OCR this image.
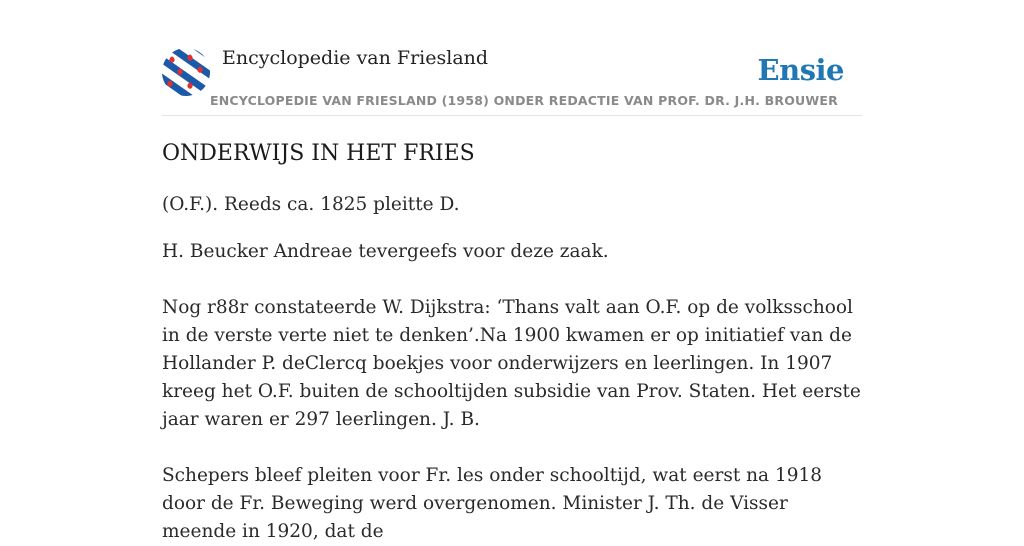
Encyclopedie van Friesland
ENCYCLOPEDIE VAN FRIESLAND (1958) ONDER REDACTIE VAN PROF. DR. J.H. BROUWER
Ensie
ONDERWIJS IN HET FRIES

(O.F.). Reeds ca. 1825 pleitte D.

H. Beucker Andreae tevergeefs voor deze zaak.

Nog r88r constateerde W. Dijkstra: ‘Thans valt aan O.F. op de volksschool in de verste verte niet te denken’.Na 1900 kwamen er op initiatief van de Hollander P. deClercq boekjes voor onderwijzers en leerlingen. In 1907 kreeg het O.F. buiten de schooltijden subsidie van Prov. Staten. Het eerste jaar waren er 297 leerlingen. J. B.

Schepers bleef pleiten voor Fr. les onder schooltijd, wat eerst na 1918 door de Fr. Beweging werd overgenomen. Minister J. Th. de Visser meende in 1920, dat de
